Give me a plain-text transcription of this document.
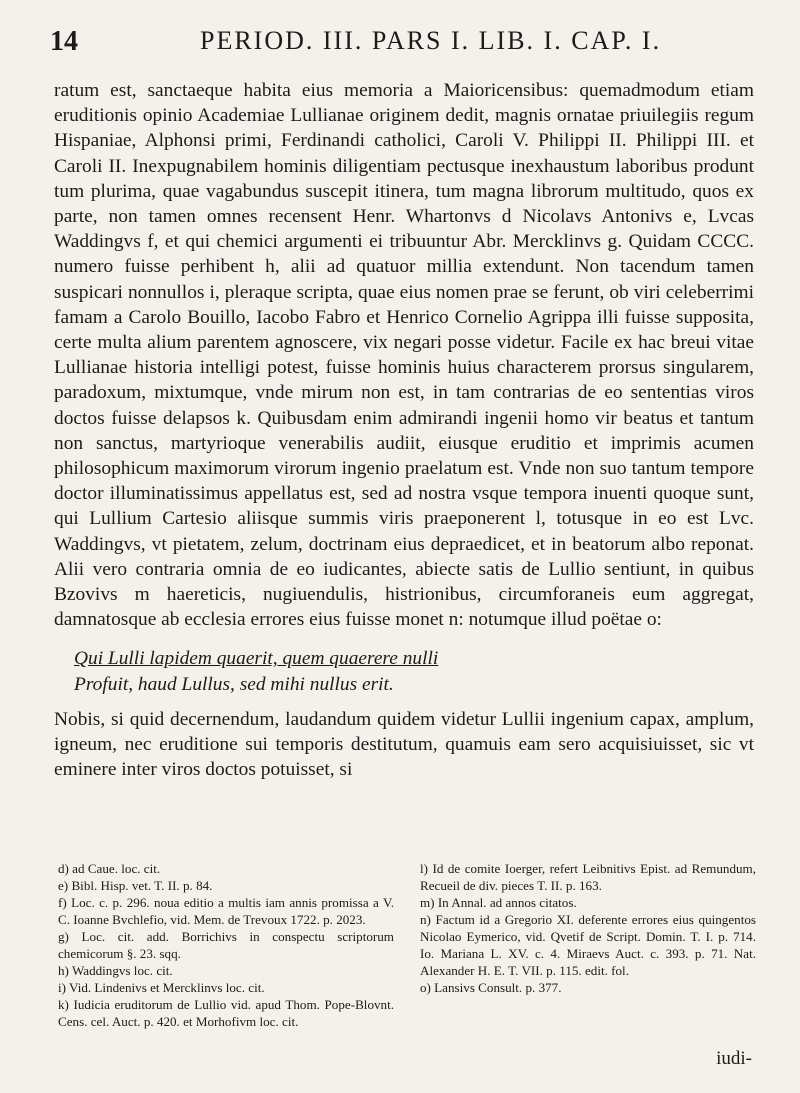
14	PERIOD. III. PARS I. LIB. I. CAP. I.

ratum est, sanctaeque habita eius memoria a Maioricensibus: quemadmodum etiam eruditionis opinio Academiae Lullianae originem dedit, magnis ornatae priuilegiis regum Hispaniae, Alphonsi primi, Ferdinandi catholici, Caroli V. Philippi II. Philippi III. et Caroli II. Inexpugnabilem hominis diligentiam pectusque inexhaustum laboribus produnt tum plurima, quae vagabundus suscepit itinera, tum magna librorum multitudo, quos ex parte, non tamen omnes recensent Henr. Whartonvs d Nicolavs Antonivs e, Lvcas Waddingvs f, et qui chemici argumenti ei tribuuntur Abr. Mercklinvs g. Quidam CCCC. numero fuisse perhibent h, alii ad quatuor millia extendunt. Non tacendum tamen suspicari nonnullos i, pleraque scripta, quae eius nomen prae se ferunt, ob viri celeberrimi famam a Carolo Bouillo, Iacobo Fabro et Henrico Cornelio Agrippa illi fuisse supposita, certe multa alium parentem agnoscere, vix negari posse videtur. Facile ex hac breui vitae Lullianae historia intelligi potest, fuisse hominis huius characterem prorsus singularem, paradoxum, mixtumque, vnde mirum non est, in tam contrarias de eo sententias viros doctos fuisse delapsos k. Quibusdam enim admirandi ingenii homo vir beatus et tantum non sanctus, martyrioque venerabilis audiit, eiusque eruditio et imprimis acumen philosophicum maximorum virorum ingenio praelatum est. Vnde non suo tantum tempore doctor illuminatissimus appellatus est, sed ad nostra vsque tempora inuenti quoque sunt, qui Lullium Cartesio aliisque summis viris praeponerent l, totusque in eo est Lvc. Waddingvs, vt pietatem, zelum, doctrinam eius depraedicet, et in beatorum albo reponat. Alii vero contraria omnia de eo iudicantes, abiecte satis de Lullio sentiunt, in quibus Bzovivs m haereticis, nugiuendulis, histrionibus, circumforaneis eum aggregat, damnatosque ab ecclesia errores eius fuisse monet n: notumque illud poëtae o:

Qui Lulli lapidem quaerit, quem quaerere nulli
Profuit, haud Lullus, sed mihi nullus erit.

Nobis, si quid decernendum, laudandum quidem videtur Lullii ingenium capax, amplum, igneum, nec eruditione sui temporis destitutum, quamuis eam sero acquisiuisset, sic vt eminere inter viros doctos potuisset, si

iudi-

d) ad Caue. loc. cit.

e) Bibl. Hisp. vet. T. II. p. 84.

f) Loc. c. p. 296. noua editio a multis iam annis promissa a V. C. Ioanne Bvchlefio, vid. Mem. de Trevoux 1722. p. 2023.

g) Loc. cit. add. Borrichivs in conspectu scriptorum chemicorum §. 23. sqq.

h) Waddingvs loc. cit.

i) Vid. Lindenivs et Mercklinvs loc. cit.

k) Iudicia eruditorum de Lullio vid. apud Thom. Pope-Blovnt. Cens. cel. Auct. p. 420. et Morhofivm loc. cit.

l) Id de comite Ioerger, refert Leibnitivs Epist. ad Remundum, Recueil de div. pieces T. II. p. 163.

m) In Annal. ad annos citatos.

n) Factum id a Gregorio XI. deferente errores eius quingentos Nicolao Eymerico, vid. Qvetif de Script. Domin. T. I. p. 714. Io. Mariana L. XV. c. 4. Miraevs Auct. c. 393. p. 71. Nat. Alexander H. E. T. VII. p. 115. edit. fol.

o) Lansivs Consult. p. 377.
